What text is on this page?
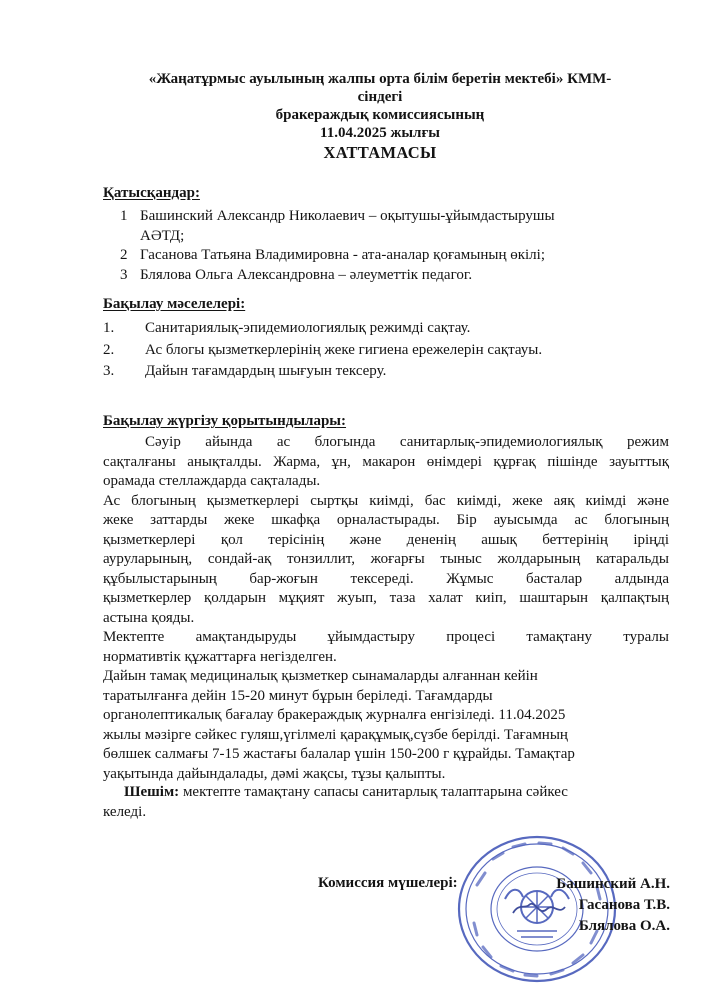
«Жаңатұрмыс ауылының жалпы орта білім беретін мектебі» КММ-
сіндегі
бракераждық комиссиясының
11.04.2025 жылғы
ХАТТАМАСЫ
Қатысқандар:
1 Башинский Александр Николаевич – оқытушы-ұйымдастырушы
АӘТД;
2 Гасанова Татьяна Владимировна - ата-аналар қоғамының өкілі;
3 Блялова Ольга Александровна – әлеуметтік педагог.
Бақылау мәселелері:
1.	Санитариялық-эпидемиологиялық режимді сақтау.
2.	Ас блогы қызметкерлерінің жеке гигиена ережелерін сақтауы.
3.	Дайын тағамдардың шығуын тексеру.
Бақылау жүргізу қорытындылары:

Сәуір айында ас блогында санитарлық-эпидемиологиялық режим

сақталғаны анықталды. Жарма, ұн, макарон өнімдері құрғақ пішінде зауыттық

орамада стеллаждарда сақталады.

Ас блогының қызметкерлері сыртқы киімді, бас киімді, жеке аяқ киімді және

жеке заттарды жеке шкафқа орналастырады. Бір ауысымда ас блогының

қызметкерлері қол терісінің және дененің ашық беттерінің іріңді

ауруларының, сондай-ақ тонзиллит, жоғарғы тыныс жолдарының катаральды

құбылыстарының бар-жоғын тексереді. Жұмыс басталар алдында

қызметкерлер қолдарын мұқият жуып, таза халат киіп, шаштарын қалпақтың

астына қояды.

Мектепте амақтандыруды ұйымдастыру процесі тамақтану туралы

нормативтік құжаттарға негізделген.

Дайын тамақ медициналық қызметкер сынамаларды алғаннан кейін

таратылғанға дейін 15-20 минут бұрын беріледі. Тағамдарды

органолептикалық бағалау бракераждық журналға енгізіледі. 11.04.2025

жылы мәзірге сәйкес гуляш,үгілмелі қарақұмық,сүзбе берілді. Тағамның

бөлшек салмағы 7-15 жастағы балалар үшін 150-200 г құрайды. Тамақтар

уақытында дайындалады, дәмі жақсы, тұзы қалыпты.

Шешім: мектепте тамақтану сапасы санитарлық талаптарына сәйкес
келеді.
Комиссия мүшелері:	Башинский А.Н.
Гасанова Т.В.
Блялова О.А.
